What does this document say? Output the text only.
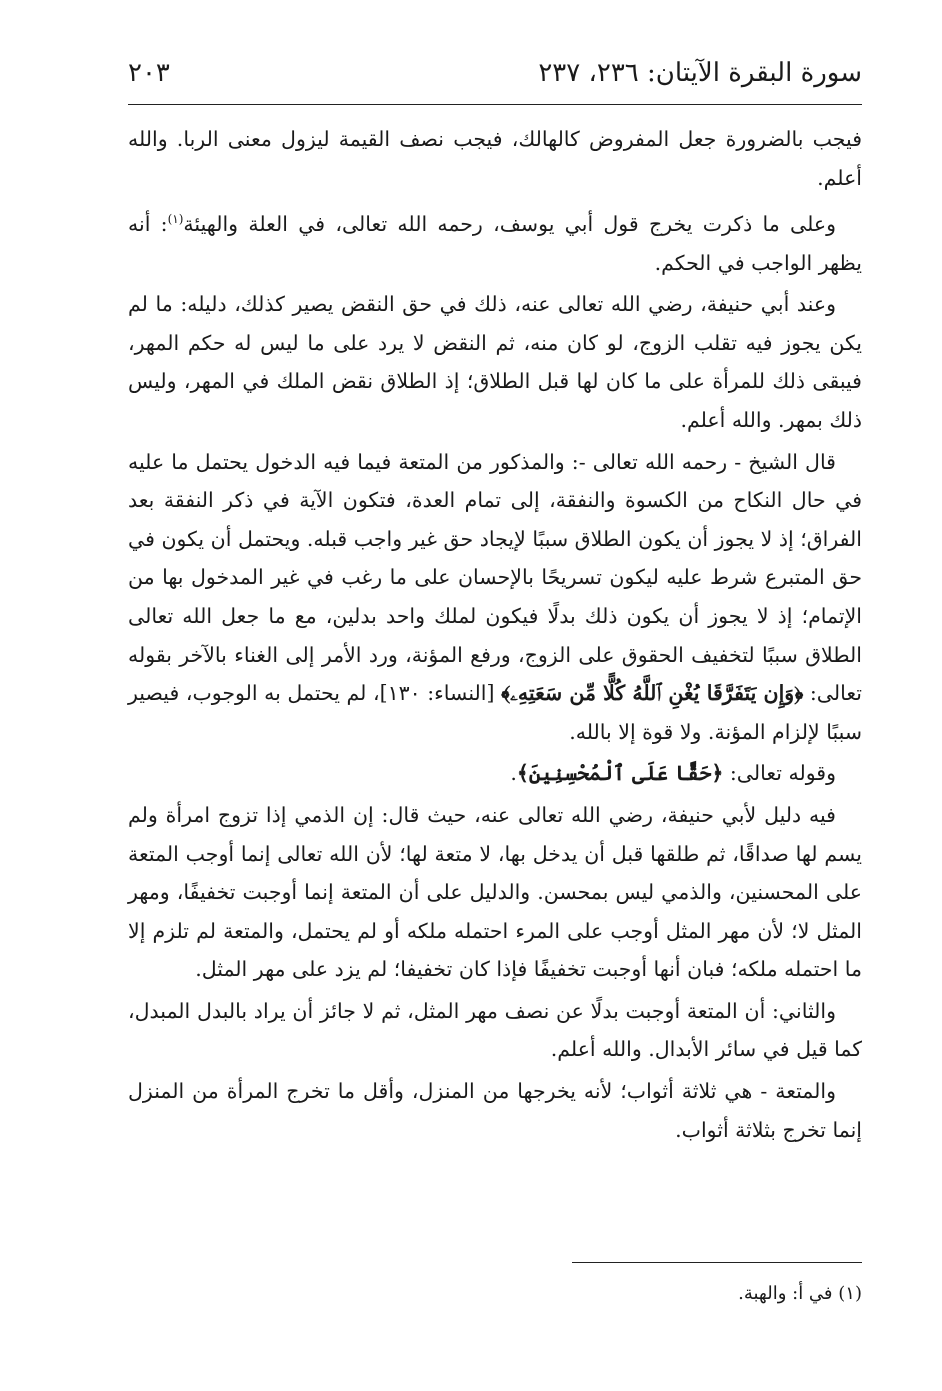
سورة البقرة الآيتان: ٢٣٦، ٢٣٧
٢٠٣

فيجب بالضرورة جعل المفروض كالهالك، فيجب نصف القيمة ليزول معنى الربا. والله أعلم.

وعلى ما ذكرت يخرج قول أبي يوسف، رحمه الله تعالى، في العلة والهيئة$^{(١)}$: أنه يظهر الواجب في الحكم.

وعند أبي حنيفة، رضي الله تعالى عنه، ذلك في حق النقض يصير كذلك، دليله: ما لم يكن يجوز فيه تقلب الزوج، لو كان منه، ثم النقض لا يرد على ما ليس له حكم المهر، فيبقى ذلك للمرأة على ما كان لها قبل الطلاق؛ إذ الطلاق نقض الملك في المهر، وليس ذلك بمهر. والله أعلم.

قال الشيخ - رحمه الله تعالى -: والمذكور من المتعة فيما فيه الدخول يحتمل ما عليه في حال النكاح من الكسوة والنفقة، إلى تمام العدة، فتكون الآية في ذكر النفقة بعد الفراق؛ إذ لا يجوز أن يكون الطلاق سببًا لإيجاد حق غير واجب قبله. ويحتمل أن يكون في حق المتبرع شرط عليه ليكون تسريحًا بالإحسان على ما رغب في غير المدخول بها من الإتمام؛ إذ لا يجوز أن يكون ذلك بدلًا فيكون لملك واحد بدلين، مع ما جعل الله تعالى الطلاق سببًا لتخفيف الحقوق على الزوج، ورفع المؤنة، ورد الأمر إلى الغناء بالآخر بقوله تعالى: ﴿وَإِن يَتَفَرَّقَا يُغْنِ ٱللَّهُ كُلًّا مِّن سَعَتِهِۦ﴾ [النساء: ١٣٠]، لم يحتمل به الوجوب، فيصير سببًا لإلزام المؤنة. ولا قوة إلا بالله.

وقوله تعالى: ﴿حَقًّا عَلَى ٱلْمُحْسِنِينَ﴾.

فيه دليل لأبي حنيفة، رضي الله تعالى عنه، حيث قال: إن الذمي إذا تزوج امرأة ولم يسم لها صداقًا، ثم طلقها قبل أن يدخل بها، لا متعة لها؛ لأن الله تعالى إنما أوجب المتعة على المحسنين، والذمي ليس بمحسن. والدليل على أن المتعة إنما أوجبت تخفيفًا، ومهر المثل لا؛ لأن مهر المثل أوجب على المرء احتمله ملكه أو لم يحتمل، والمتعة لم تلزم إلا ما احتمله ملكه؛ فبان أنها أوجبت تخفيفًا فإذا كان تخفيفا؛ لم يزد على مهر المثل.

والثاني: أن المتعة أوجبت بدلًا عن نصف مهر المثل، ثم لا جائز أن يراد بالبدل المبدل، كما قيل في سائر الأبدال. والله أعلم.

والمتعة - هي ثلاثة أثواب؛ لأنه يخرجها من المنزل، وأقل ما تخرج المرأة من المنزل إنما تخرج بثلاثة أثواب.

(١) في أ: والهبة.
